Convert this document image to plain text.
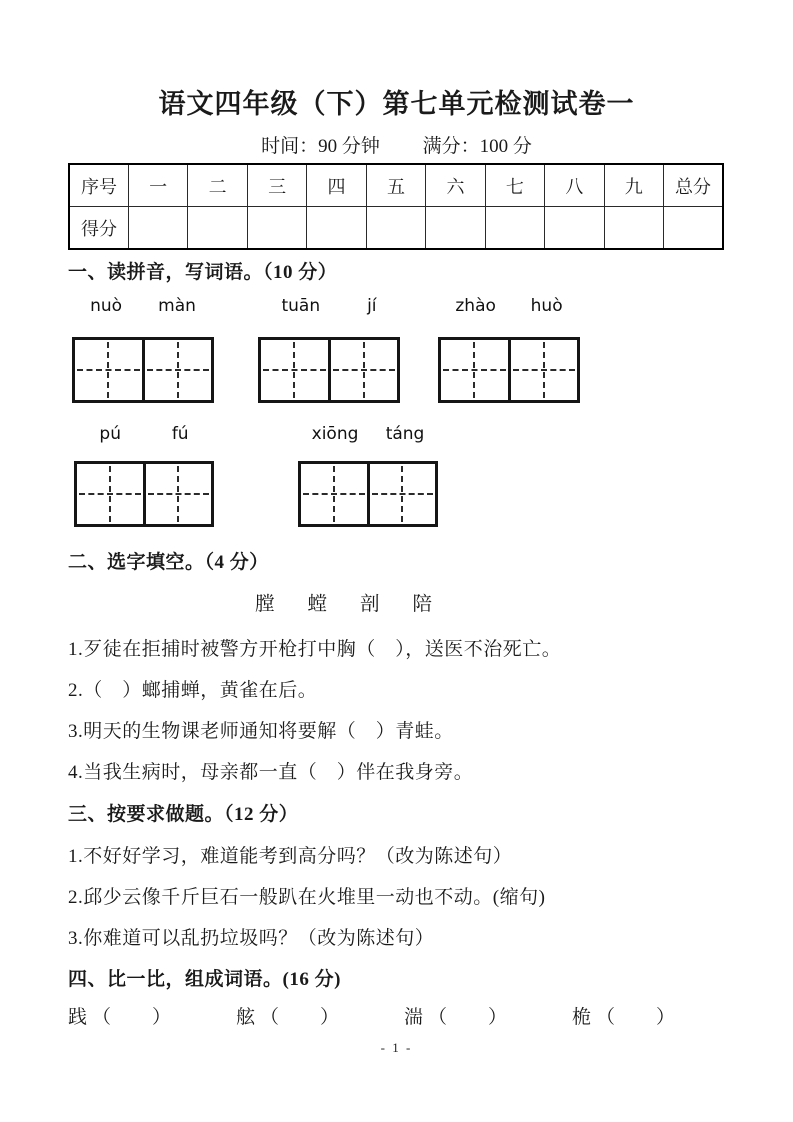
语文四年级（下）第七单元检测试卷一
时间：90 分钟 满分：100 分
序号	一	二	三	四	五	六	七	八	九	总分
得分										
一、读拼音，写词语。（10 分）
nuò màn	tuān	jí	zhào huò
pú	fú	xiōng táng
二、选字填空。（4 分）
膛 螳 剖 陪
1.歹徒在拒捕时被警方开枪打中胸（　），送医不治死亡。
2.（　）螂捕蝉，黄雀在后。
3.明天的生物课老师通知将要解（　）青蛙。
4.当我生病时，母亲都一直（　）伴在我身旁。
三、按要求做题。（12 分）
1.不好好学习，难道能考到高分吗？（改为陈述句）
2.邱少云像千斤巨石一般趴在火堆里一动也不动。(缩句)
3.你难道可以乱扔垃圾吗？（改为陈述句）
四、比一比，组成词语。(16 分)
践 （　　）	舷 （　　）	湍 （　　）	桅 （　　）
- 1 -
